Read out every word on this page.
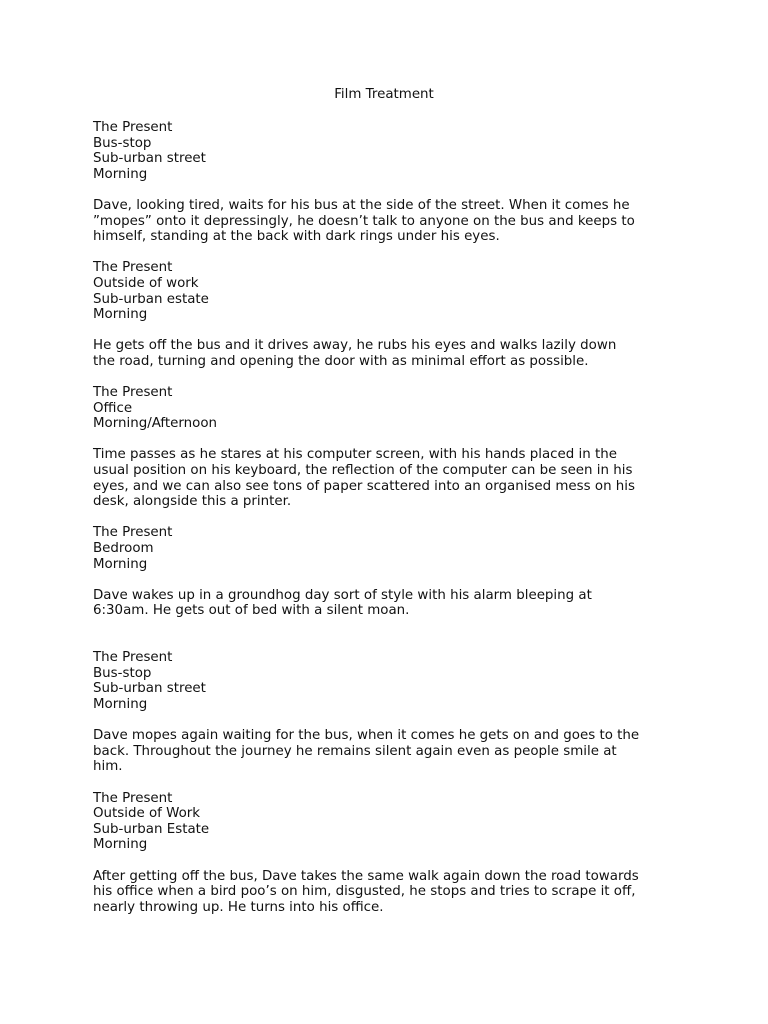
Film Treatment

The Present
Bus-stop
Sub-urban street
Morning
Dave, looking tired, waits for his bus at the side of the street. When it comes he
”mopes” onto it depressingly, he doesn’t talk to anyone on the bus and keeps to
himself, standing at the back with dark rings under his eyes.
The Present
Outside of work
Sub-urban estate
Morning
He gets off the bus and it drives away, he rubs his eyes and walks lazily down
the road, turning and opening the door with as minimal effort as possible.
The Present
Office
Morning/Afternoon
Time passes as he stares at his computer screen, with his hands placed in the
usual position on his keyboard, the reflection of the computer can be seen in his
eyes, and we can also see tons of paper scattered into an organised mess on his
desk, alongside this a printer.
The Present
Bedroom
Morning
Dave wakes up in a groundhog day sort of style with his alarm bleeping at
6:30am. He gets out of bed with a silent moan.
The Present
Bus-stop
Sub-urban street
Morning
Dave mopes again waiting for the bus, when it comes he gets on and goes to the
back. Throughout the journey he remains silent again even as people smile at
him.
The Present
Outside of Work
Sub-urban Estate
Morning
After getting off the bus, Dave takes the same walk again down the road towards
his office when a bird poo’s on him, disgusted, he stops and tries to scrape it off,
nearly throwing up. He turns into his office.
